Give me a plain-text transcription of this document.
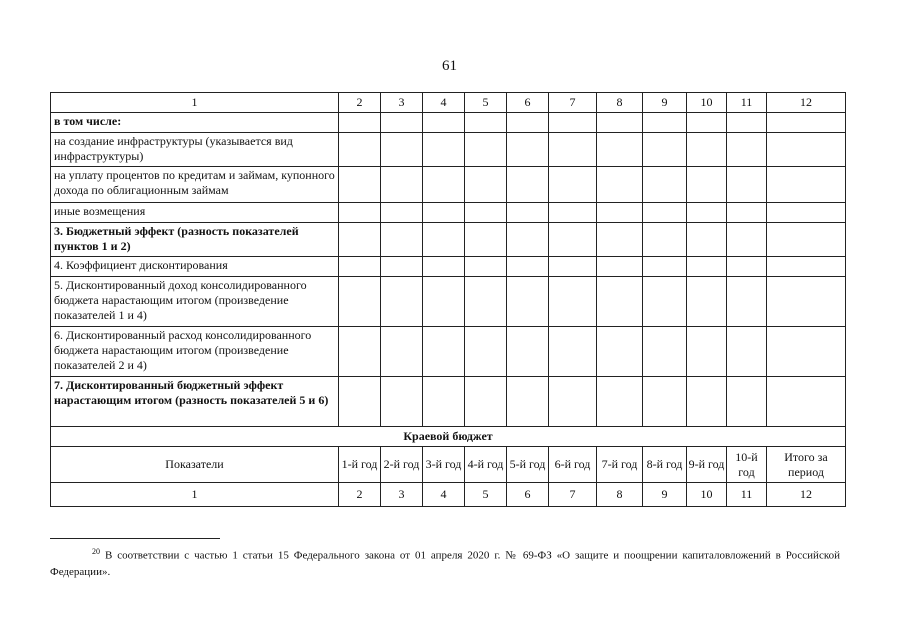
61
1	2	3	4	5	6	7	8	9	10	11	12
в том числе:											
на создание инфраструктуры (указывается вид инфраструктуры)											
на уплату процентов по кредитам и займам, купонного дохода по облигационным займам											
иные возмещения											
3. Бюджетный эффект (разность показателей пунктов 1 и 2)											
4. Коэффициент дисконтирования											
5. Дисконтированный доход консолидированного бюджета нарастающим итогом (произведение показателей 1 и 4)											
6. Дисконтированный расход консолидированного бюджета нарастающим итогом (произведение показателей 2 и 4)											
7. Дисконтированный бюджетный эффект нарастающим итогом (разность показателей 5 и 6)											
Краевой бюджет											
Показатели	1-й год	2-й год	3-й год	4-й год	5-й год	6-й год	7-й год	8-й год	9-й год	10-й год	Итого за период
1	2	3	4	5	6	7	8	9	10	11	12
$^{20}$ В соответствии с частью 1 статьи 15 Федерального закона от 01 апреля 2020 г. № 69-ФЗ «О защите и поощрении капиталовложений в Российской Федерации».
